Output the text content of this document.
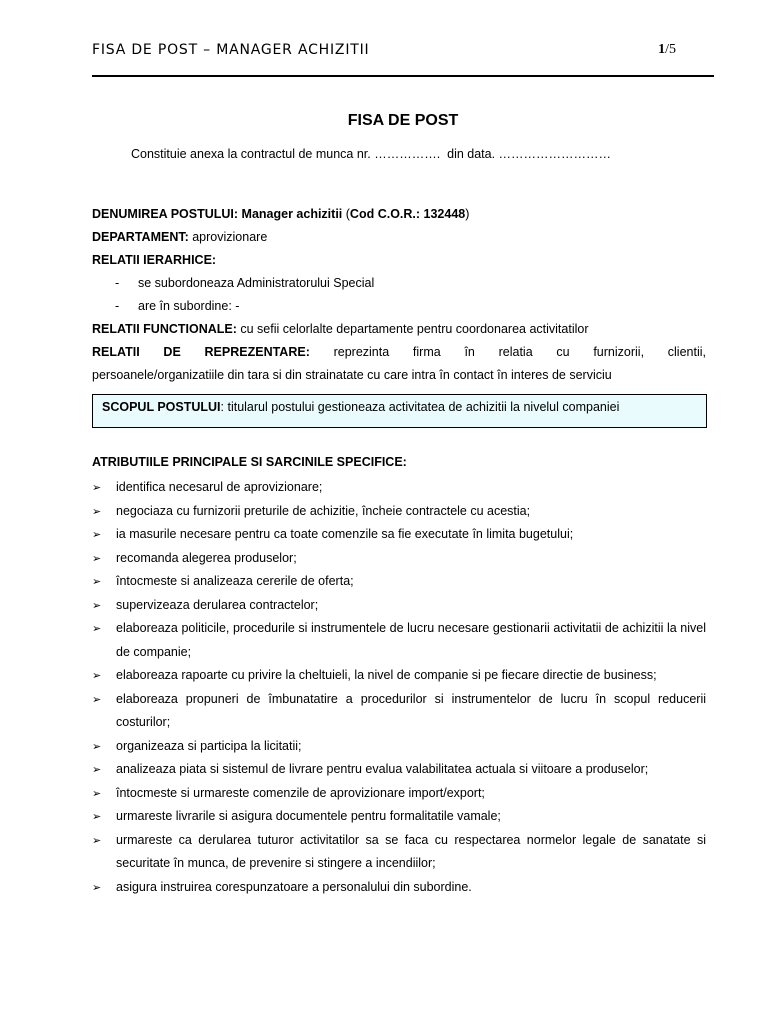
FISA DE POST – MANAGER ACHIZITII	1/5
FISA DE POST
Constituie anexa la contractul de munca nr. …………….  din data. ………………………
DENUMIREA POSTULUI: Manager achizitii (Cod C.O.R.: 132448)
DEPARTAMENT: aprovizionare
RELATII IERARHICE:
- se subordoneaza Administratorului Special
- are în subordine: -
RELATII FUNCTIONALE: cu sefii celorlalte departamente pentru coordonarea activitatilor
RELATII DE REPREZENTARE: reprezinta firma în relatia cu furnizorii, clientii,
persoanele/organizatiile din tara si din strainatate cu care intra în contact în interes de serviciu
SCOPUL POSTULUI: titularul postului gestioneaza activitatea de achizitii la nivelul companiei
ATRIBUTIILE PRINCIPALE SI SARCINILE SPECIFICE:
➢ identifica necesarul de aprovizionare;
➢ negociaza cu furnizorii preturile de achizitie, încheie contractele cu acestia;
➢ ia masurile necesare pentru ca toate comenzile sa fie executate în limita bugetului;
➢ recomanda alegerea produselor;
➢ întocmeste si analizeaza cererile de oferta;
➢ supervizeaza derularea contractelor;
➢ elaboreaza politicile, procedurile si instrumentele de lucru necesare gestionarii activitatii de achizitii la nivel de companie;
➢ elaboreaza rapoarte cu privire la cheltuieli, la nivel de companie si pe fiecare directie de business;
➢ elaboreaza propuneri de îmbunatatire a procedurilor si instrumentelor de lucru în scopul reducerii costurilor;
➢ organizeaza si participa la licitatii;
➢ analizeaza piata si sistemul de livrare pentru evalua valabilitatea actuala si viitoare a produselor;
➢ întocmeste si urmareste comenzile de aprovizionare import/export;
➢ urmareste livrarile si asigura documentele pentru formalitatile vamale;
➢ urmareste ca derularea tuturor activitatilor sa se faca cu respectarea normelor legale de sanatate si securitate în munca, de prevenire si stingere a incendiilor;
➢ asigura instruirea corespunzatoare a personalului din subordine.
